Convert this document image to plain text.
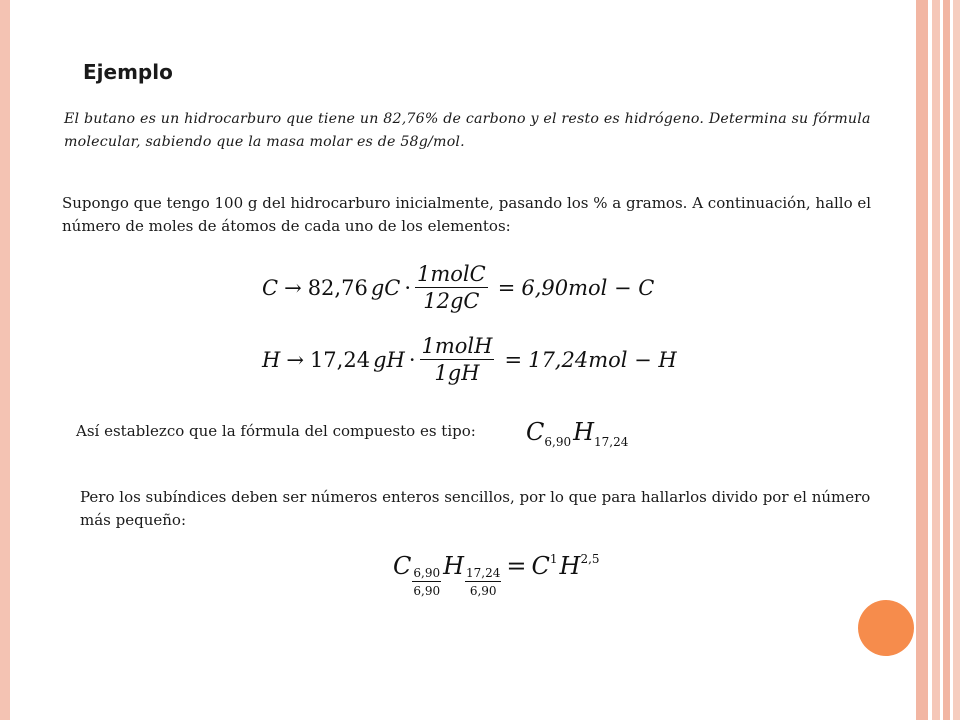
Ejemplo
El butano es un hidrocarburo que tiene un 82,76% de carbono y el resto es hidrógeno. Determina su fórmula molecular, sabiendo que la masa molar es de 58g/mol.
Supongo que tengo 100 g del hidrocarburo inicialmente, pasando los % a gramos. A continuación, hallo el número de moles de átomos de cada uno de los elementos:
C → 82,76 gC · $\frac{\text{1molC}}{12gC} = 6,90mol - C$
H → 17,24 gH · $\frac{\text{1molH}}{1gH} = 17,24mol - H$
Así establezco que la fórmula del compuesto es tipo: $C_{6,90}H_{17,24}$
Pero los subíndices deben ser números enteros sencillos, por lo que para hallarlos divido por el número más pequeño:
C $\frac{6,90}{6,90}$ H $\frac{17,24}{6,90} = C$ 1 H 2,5
